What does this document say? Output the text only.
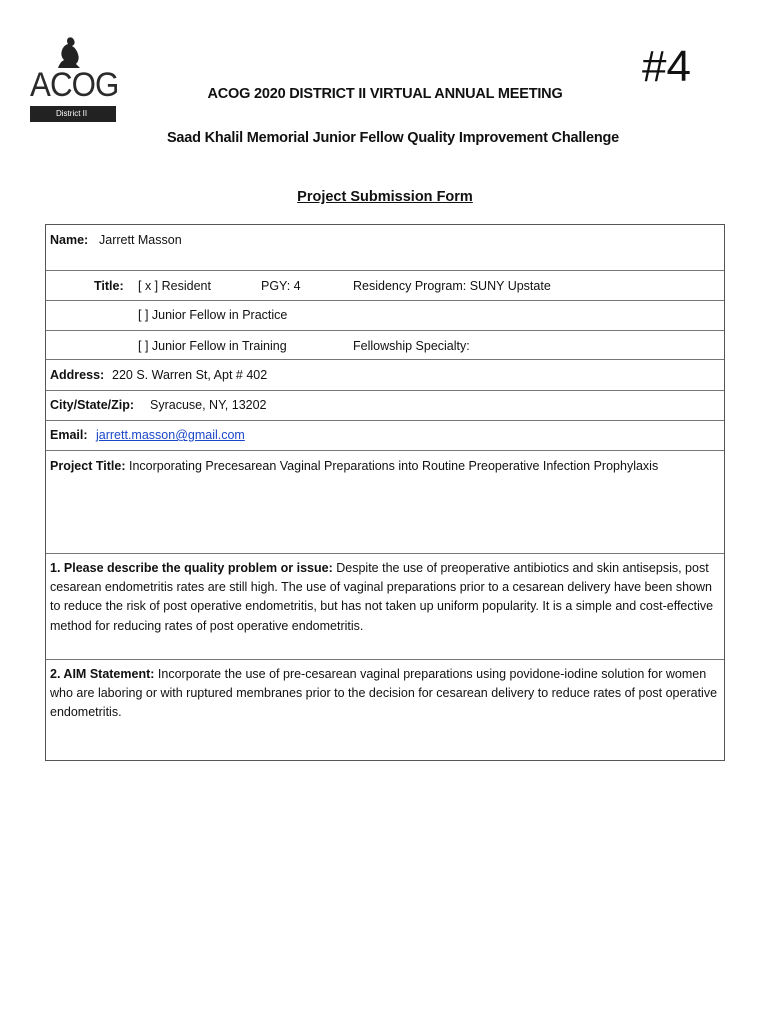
ACOG
District II
#4
ACOG 2020 DISTRICT II VIRTUAL ANNUAL MEETING
Saad Khalil Memorial Junior Fellow Quality Improvement Challenge
Project Submission Form
Name: Jarrett Masson
Title: [ x ] Resident	PGY: 4	Residency Program: SUNY Upstate
[ ] Junior Fellow in Practice
[ ] Junior Fellow in Training	Fellowship Specialty:
Address: 220 S. Warren St, Apt # 402
City/State/Zip: Syracuse, NY, 13202
Email: jarrett.masson@gmail.com
Project Title: Incorporating Precesarean Vaginal Preparations into Routine Preoperative Infection Prophylaxis
1. Please describe the quality problem or issue: Despite the use of preoperative antibiotics and skin antisepsis, post cesarean endometritis rates are still high. The use of vaginal preparations prior to a cesarean delivery have been shown to reduce the risk of post operative endometritis, but has not taken up uniform popularity. It is a simple and cost-effective method for reducing rates of post operative endometritis.
2. AIM Statement: Incorporate the use of pre-cesarean vaginal preparations using povidone-iodine solution for women who are laboring or with ruptured membranes prior to the decision for cesarean delivery to reduce rates of post operative endometritis.
